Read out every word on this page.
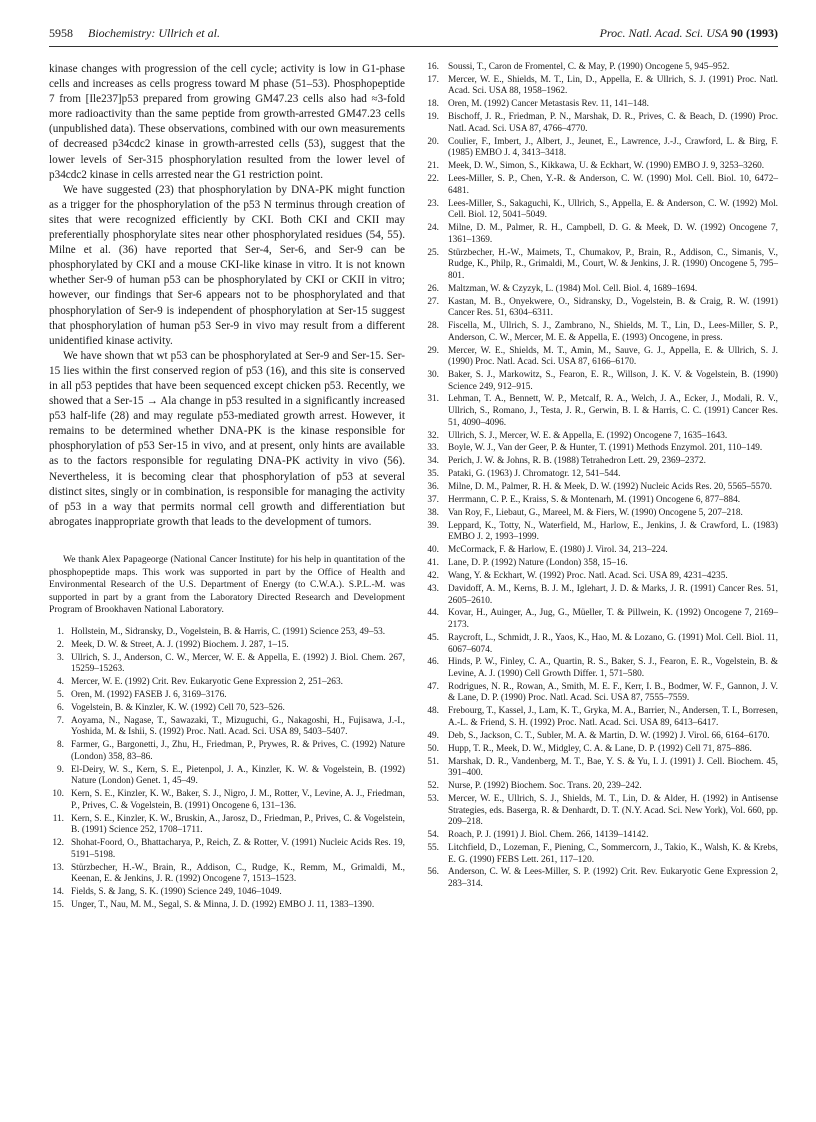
5958 Biochemistry: Ullrich et al.	Proc. Natl. Acad. Sci. USA 90 (1993)

kinase changes with progression of the cell cycle; activity is low in G1-phase cells and increases as cells progress toward M phase (51–53). Phosphopeptide 7 from [Ile237]p53 prepared from growing GM47.23 cells also had ≈3-fold more radioactivity than the same peptide from growth-arrested GM47.23 cells (unpublished data). These observations, combined with our own measurements of decreased p34cdc2 kinase in growth-arrested cells (53), suggest that the lower levels of Ser-315 phosphorylation resulted from the lower level of p34cdc2 kinase in cells arrested near the G1 restriction point.

We have suggested (23) that phosphorylation by DNA-PK might function as a trigger for the phosphorylation of the p53 N terminus through creation of sites that were recognized efficiently by CKI. Both CKI and CKII may preferentially phosphorylate sites near other phosphorylated residues (54, 55). Milne et al. (36) have reported that Ser-4, Ser-6, and Ser-9 can be phosphorylated by CKI and a mouse CKI-like kinase in vitro. It is not known whether Ser-9 of human p53 can be phosphorylated by CKI or CKII in vitro; however, our findings that Ser-6 appears not to be phosphorylated and that phosphorylation of Ser-9 is independent of phosphorylation at Ser-15 suggest that phosphorylation of human p53 Ser-9 in vivo may result from a different unidentified kinase activity.

We have shown that wt p53 can be phosphorylated at Ser-9 and Ser-15. Ser-15 lies within the first conserved region of p53 (16), and this site is conserved in all p53 peptides that have been sequenced except chicken p53. Recently, we showed that a Ser-15 → Ala change in p53 resulted in a significantly increased p53 half-life (28) and may regulate p53-mediated growth arrest. However, it remains to be determined whether DNA-PK is the kinase responsible for phosphorylation of p53 Ser-15 in vivo, and at present, only hints are available as to the factors responsible for regulating DNA-PK activity in vivo (56). Nevertheless, it is becoming clear that phosphorylation of p53 at several distinct sites, singly or in combination, is responsible for managing the activity of p53 in a way that permits normal cell growth and differentiation but abrogates inappropriate growth that leads to the development of tumors.

We thank Alex Papageorge (National Cancer Institute) for his help in quantitation of the phosphopeptide maps. This work was supported in part by the Office of Health and Environmental Research of the U.S. Department of Energy (to C.W.A.). S.P.L.-M. was supported in part by a grant from the Laboratory Directed Research and Development Program of Brookhaven National Laboratory.

1. Hollstein, M., Sidransky, D., Vogelstein, B. & Harris, C. (1991) Science 253, 49–53.
2. Meek, D. W. & Street, A. J. (1992) Biochem. J. 287, 1–15.
3. Ullrich, S. J., Anderson, C. W., Mercer, W. E. & Appella, E. (1992) J. Biol. Chem. 267, 15259–15263.
4. Mercer, W. E. (1992) Crit. Rev. Eukaryotic Gene Expression 2, 251–263.
5. Oren, M. (1992) FASEB J. 6, 3169–3176.
6. Vogelstein, B. & Kinzler, K. W. (1992) Cell 70, 523–526.
7. Aoyama, N., Nagase, T., Sawazaki, T., Mizuguchi, G., Nakagoshi, H., Fujisawa, J.-I., Yoshida, M. & Ishii, S. (1992) Proc. Natl. Acad. Sci. USA 89, 5403–5407.
8. Farmer, G., Bargonetti, J., Zhu, H., Friedman, P., Prywes, R. & Prives, C. (1992) Nature (London) 358, 83–86.
9. El-Deiry, W. S., Kern, S. E., Pietenpol, J. A., Kinzler, K. W. & Vogelstein, B. (1992) Nature (London) Genet. 1, 45–49.
10. Kern, S. E., Kinzler, K. W., Baker, S. J., Nigro, J. M., Rotter, V., Levine, A. J., Friedman, P., Prives, C. & Vogelstein, B. (1991) Oncogene 6, 131–136.
11. Kern, S. E., Kinzler, K. W., Bruskin, A., Jarosz, D., Friedman, P., Prives, C. & Vogelstein, B. (1991) Science 252, 1708–1711.
12. Shohat-Foord, O., Bhattacharya, P., Reich, Z. & Rotter, V. (1991) Nucleic Acids Res. 19, 5191–5198.
13. Stürzbecher, H.-W., Brain, R., Addison, C., Rudge, K., Remm, M., Grimaldi, M., Keenan, E. & Jenkins, J. R. (1992) Oncogene 7, 1513–1523.
14. Fields, S. & Jang, S. K. (1990) Science 249, 1046–1049.
15. Unger, T., Nau, M. M., Segal, S. & Minna, J. D. (1992) EMBO J. 11, 1383–1390.
16. Soussi, T., Caron de Fromentel, C. & May, P. (1990) Oncogene 5, 945–952.
17. Mercer, W. E., Shields, M. T., Lin, D., Appella, E. & Ullrich, S. J. (1991) Proc. Natl. Acad. Sci. USA 88, 1958–1962.
18. Oren, M. (1992) Cancer Metastasis Rev. 11, 141–148.
19. Bischoff, J. R., Friedman, P. N., Marshak, D. R., Prives, C. & Beach, D. (1990) Proc. Natl. Acad. Sci. USA 87, 4766–4770.
20. Coulier, F., Imbert, J., Albert, J., Jeunet, E., Lawrence, J.-J., Crawford, L. & Birg, F. (1985) EMBO J. 4, 3413–3418.
21. Meek, D. W., Simon, S., Kikkawa, U. & Eckhart, W. (1990) EMBO J. 9, 3253–3260.
22. Lees-Miller, S. P., Chen, Y.-R. & Anderson, C. W. (1990) Mol. Cell. Biol. 10, 6472–6481.
23. Lees-Miller, S., Sakaguchi, K., Ullrich, S., Appella, E. & Anderson, C. W. (1992) Mol. Cell. Biol. 12, 5041–5049.
24. Milne, D. M., Palmer, R. H., Campbell, D. G. & Meek, D. W. (1992) Oncogene 7, 1361–1369.
25. Stürzbecher, H.-W., Maimets, T., Chumakov, P., Brain, R., Addison, C., Simanis, V., Rudge, K., Philp, R., Grimaldi, M., Court, W. & Jenkins, J. R. (1990) Oncogene 5, 795–801.
26. Maltzman, W. & Czyzyk, L. (1984) Mol. Cell. Biol. 4, 1689–1694.
27. Kastan, M. B., Onyekwere, O., Sidransky, D., Vogelstein, B. & Craig, R. W. (1991) Cancer Res. 51, 6304–6311.
28. Fiscella, M., Ullrich, S. J., Zambrano, N., Shields, M. T., Lin, D., Lees-Miller, S. P., Anderson, C. W., Mercer, M. E. & Appella, E. (1993) Oncogene, in press.
29. Mercer, W. E., Shields, M. T., Amin, M., Sauve, G. J., Appella, E. & Ullrich, S. J. (1990) Proc. Natl. Acad. Sci. USA 87, 6166–6170.
30. Baker, S. J., Markowitz, S., Fearon, E. R., Willson, J. K. V. & Vogelstein, B. (1990) Science 249, 912–915.
31. Lehman, T. A., Bennett, W. P., Metcalf, R. A., Welch, J. A., Ecker, J., Modali, R. V., Ullrich, S., Romano, J., Testa, J. R., Gerwin, B. I. & Harris, C. C. (1991) Cancer Res. 51, 4090–4096.
32. Ullrich, S. J., Mercer, W. E. & Appella, E. (1992) Oncogene 7, 1635–1643.
33. Boyle, W. J., Van der Geer, P. & Hunter, T. (1991) Methods Enzymol. 201, 110–149.
34. Perich, J. W. & Johns, R. B. (1988) Tetrahedron Lett. 29, 2369–2372.
35. Pataki, G. (1963) J. Chromatogr. 12, 541–544.
36. Milne, D. M., Palmer, R. H. & Meek, D. W. (1992) Nucleic Acids Res. 20, 5565–5570.
37. Herrmann, C. P. E., Kraiss, S. & Montenarh, M. (1991) Oncogene 6, 877–884.
38. Van Roy, F., Liebaut, G., Mareel, M. & Fiers, W. (1990) Oncogene 5, 207–218.
39. Leppard, K., Totty, N., Waterfield, M., Harlow, E., Jenkins, J. & Crawford, L. (1983) EMBO J. 2, 1993–1999.
40. McCormack, F. & Harlow, E. (1980) J. Virol. 34, 213–224.
41. Lane, D. P. (1992) Nature (London) 358, 15–16.
42. Wang, Y. & Eckhart, W. (1992) Proc. Natl. Acad. Sci. USA 89, 4231–4235.
43. Davidoff, A. M., Kerns, B. J. M., Iglehart, J. D. & Marks, J. R. (1991) Cancer Res. 51, 2605–2610.
44. Kovar, H., Auinger, A., Jug, G., Müeller, T. & Pillwein, K. (1992) Oncogene 7, 2169–2173.
45. Raycroft, L., Schmidt, J. R., Yaos, K., Hao, M. & Lozano, G. (1991) Mol. Cell. Biol. 11, 6067–6074.
46. Hinds, P. W., Finley, C. A., Quartin, R. S., Baker, S. J., Fearon, E. R., Vogelstein, B. & Levine, A. J. (1990) Cell Growth Differ. 1, 571–580.
47. Rodrigues, N. R., Rowan, A., Smith, M. E. F., Kerr, I. B., Bodmer, W. F., Gannon, J. V. & Lane, D. P. (1990) Proc. Natl. Acad. Sci. USA 87, 7555–7559.
48. Frebourg, T., Kassel, J., Lam, K. T., Gryka, M. A., Barrier, N., Andersen, T. I., Borresen, A.-L. & Friend, S. H. (1992) Proc. Natl. Acad. Sci. USA 89, 6413–6417.
49. Deb, S., Jackson, C. T., Subler, M. A. & Martin, D. W. (1992) J. Virol. 66, 6164–6170.
50. Hupp, T. R., Meek, D. W., Midgley, C. A. & Lane, D. P. (1992) Cell 71, 875–886.
51. Marshak, D. R., Vandenberg, M. T., Bae, Y. S. & Yu, I. J. (1991) J. Cell. Biochem. 45, 391–400.
52. Nurse, P. (1992) Biochem. Soc. Trans. 20, 239–242.
53. Mercer, W. E., Ullrich, S. J., Shields, M. T., Lin, D. & Alder, H. (1992) in Antisense Strategies, eds. Baserga, R. & Denhardt, D. T. (N.Y. Acad. Sci. New York), Vol. 660, pp. 209–218.
54. Roach, P. J. (1991) J. Biol. Chem. 266, 14139–14142.
55. Litchfield, D., Lozeman, F., Piening, C., Sommercorn, J., Takio, K., Walsh, K. & Krebs, E. G. (1990) FEBS Lett. 261, 117–120.
56. Anderson, C. W. & Lees-Miller, S. P. (1992) Crit. Rev. Eukaryotic Gene Expression 2, 283–314.
